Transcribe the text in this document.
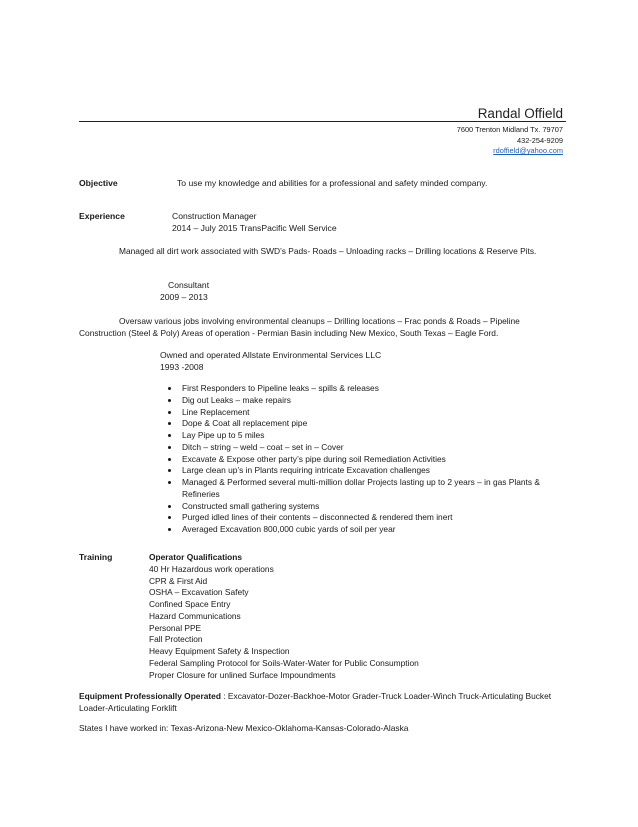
Randal Offield
7600 Trenton Midland Tx. 79707
432-254-9209
rdoffield@yahoo.com
Objective	To use my knowledge and abilities for a professional and safety minded company.
Experience	Construction Manager
2014 – July 2015 TransPacific Well Service
Managed all dirt work associated with SWD’s Pads- Roads – Unloading racks – Drilling locations & Reserve Pits.
Consultant
2009 – 2013
Oversaw various jobs involving environmental cleanups – Drilling locations – Frac ponds & Roads – Pipeline Construction (Steel & Poly) Areas of operation - Permian Basin including New Mexico, South Texas – Eagle Ford.
Owned and operated Allstate Environmental Services LLC
1993 -2008
• First Responders to Pipeline leaks – spills & releases
• Dig out Leaks – make repairs
• Line Replacement
• Dope & Coat all replacement pipe
• Lay Pipe up to 5 miles
• Ditch – string – weld – coat – set in – Cover
• Excavate & Expose other party’s pipe during soil Remediation Activities
• Large clean up’s in Plants requiring intricate Excavation challenges
• Managed & Performed several multi-million dollar Projects lasting up to 2 years – in gas Plants & Refineries
• Constructed small gathering systems
• Purged idled lines of their contents – disconnected & rendered them inert
• Averaged Excavation 800,000 cubic yards of soil per year
Training	Operator Qualifications
40 Hr Hazardous work operations
CPR & First Aid
OSHA – Excavation Safety
Confined Space Entry
Hazard Communications
Personal PPE
Fall Protection
Heavy Equipment Safety & Inspection
Federal Sampling Protocol for Soils-Water-Water for Public Consumption
Proper Closure for unlined Surface Impoundments
Equipment Professionally Operated : Excavator-Dozer-Backhoe-Motor Grader-Truck Loader-Winch Truck-Articulating Bucket Loader-Articulating Forklift
States I have worked in: Texas-Arizona-New Mexico-Oklahoma-Kansas-Colorado-Alaska
